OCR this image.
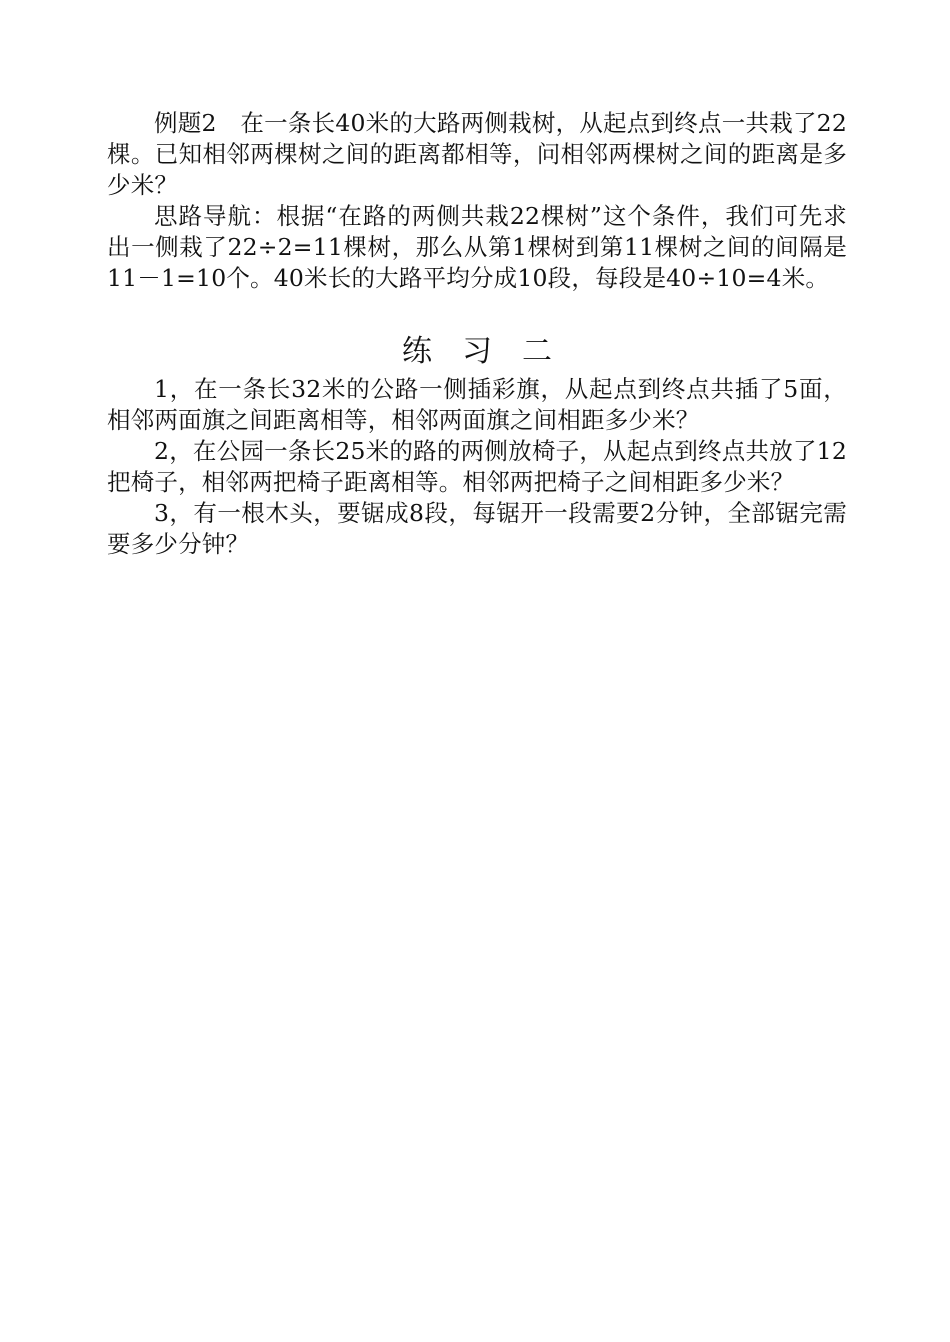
例题2　在一条长40米的大路两侧栽树，从起点到终点一共栽了22棵。已知相邻两棵树之间的距离都相等，问相邻两棵树之间的距离是多少米？

思路导航：根据“在路的两侧共栽22棵树”这个条件，我们可先求出一侧栽了22÷2=11棵树，那么从第1棵树到第11棵树之间的间隔是11－1=10个。40米长的大路平均分成10段，每段是40÷10=4米。

练习二

1，在一条长32米的公路一侧插彩旗，从起点到终点共插了5面，相邻两面旗之间距离相等，相邻两面旗之间相距多少米？

2，在公园一条长25米的路的两侧放椅子，从起点到终点共放了12把椅子，相邻两把椅子距离相等。相邻两把椅子之间相距多少米？

3，有一根木头，要锯成8段，每锯开一段需要2分钟，全部锯完需要多少分钟？
